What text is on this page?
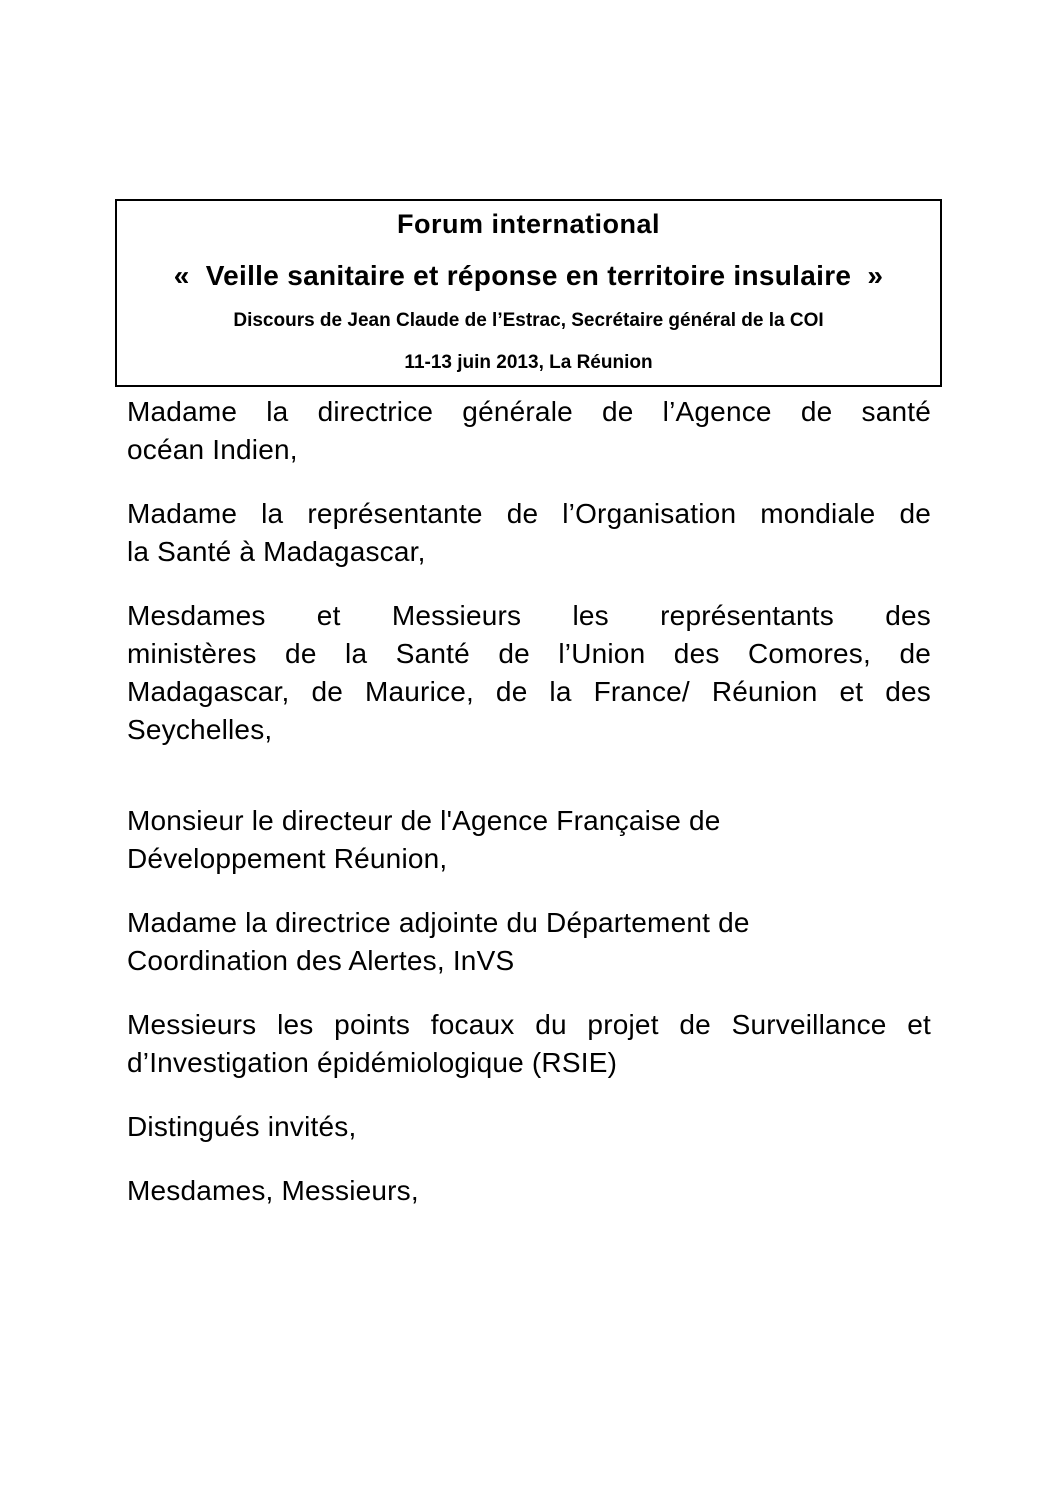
Forum international
«  Veille sanitaire et réponse en territoire insulaire  »
Discours de Jean Claude de l’Estrac, Secrétaire général de la COI
11-13 juin 2013, La Réunion
Madame la directrice générale de l’Agence de santé
océan Indien,
Madame la représentante de l’Organisation mondiale de
la Santé à Madagascar,
Mesdames et Messieurs les représentants des
ministères de la Santé de l’Union des Comores, de
Madagascar, de Maurice, de la France/ Réunion et des
Seychelles,
Monsieur le directeur de l'Agence Française de
Développement Réunion,
Madame la directrice adjointe du Département de
Coordination des Alertes, InVS
Messieurs les points focaux du projet de Surveillance et
d’Investigation épidémiologique (RSIE)
Distingués invités,
Mesdames, Messieurs,
